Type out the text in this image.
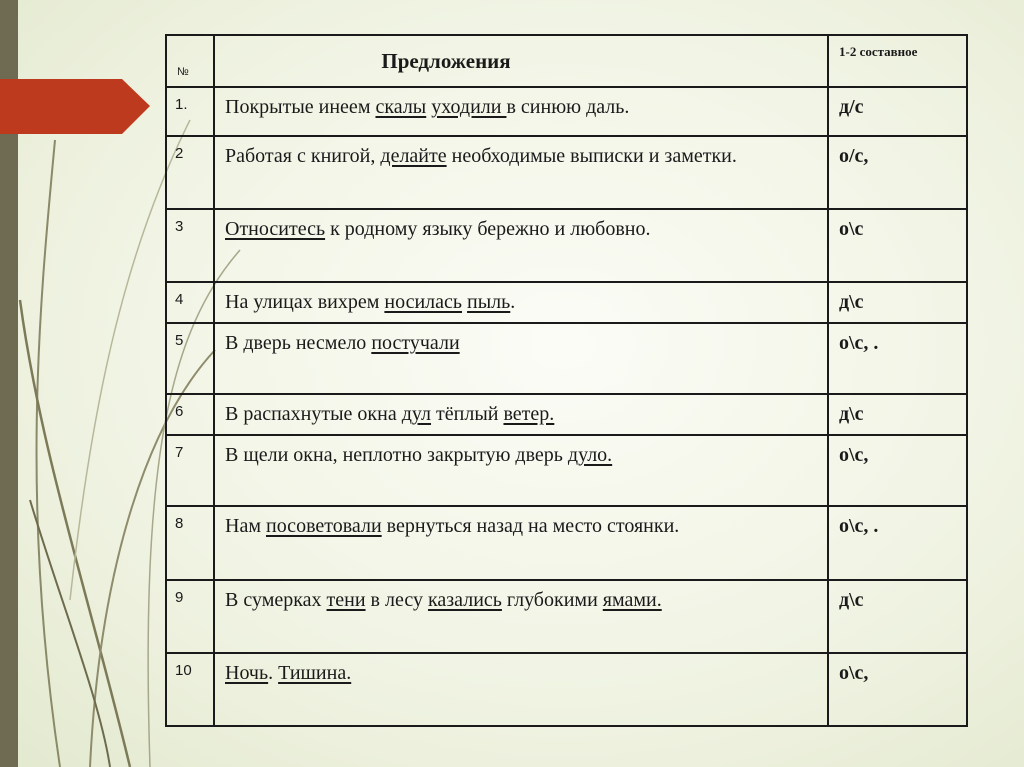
№	Предложения	1-2 составное
1.	Покрытые инеем скалы уходили в синюю даль.	д/с
2	Работая с книгой, делайте необходимые выписки и заметки.	о/с,
3	Относитесь к родному языку бережно и любовно.	о\с
4	На улицах вихрем носилась пыль.	д\с
5	В дверь несмело постучали	о\с, .
6	В распахнутые окна дул тёплый ветер.	д\с
7	В щели окна, неплотно закрытую дверь дуло.	о\с,
8	Нам посоветовали вернуться назад на место стоянки.	о\с, .
9	В сумерках тени в лесу казались глубокими ямами.	д\с
10	Ночь. Тишина.	о\с,
